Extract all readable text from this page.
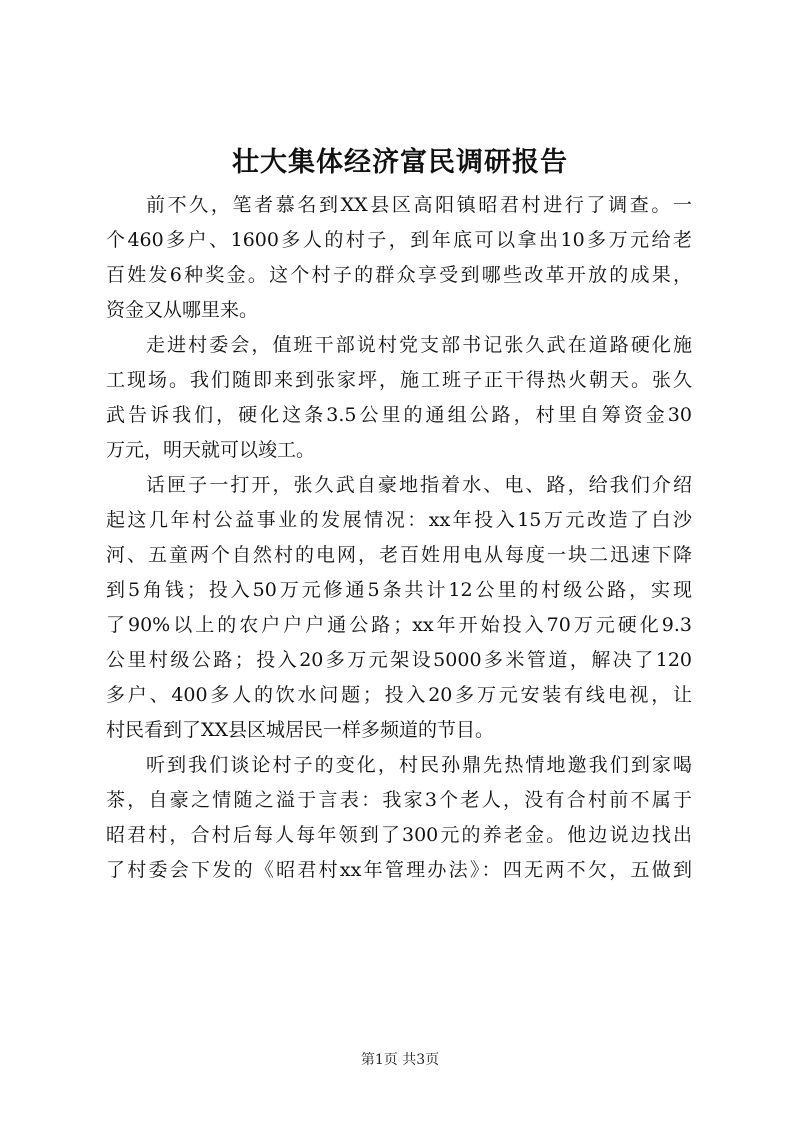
壮大集体经济富民调研报告
前不久，笔者慕名到XX县区高阳镇昭君村进行了调查。一
个460多户、1600多人的村子，到年底可以拿出10多万元给老
百姓发6种奖金。这个村子的群众享受到哪些改革开放的成果，
资金又从哪里来。
走进村委会，值班干部说村党支部书记张久武在道路硬化施
工现场。我们随即来到张家坪，施工班子正干得热火朝天。张久
武告诉我们，硬化这条3.5公里的通组公路，村里自筹资金30
万元，明天就可以竣工。
话匣子一打开，张久武自豪地指着水、电、路，给我们介绍
起这几年村公益事业的发展情况：xx年投入15万元改造了白沙
河、五童两个自然村的电网，老百姓用电从每度一块二迅速下降
到5角钱；投入50万元修通5条共计12公里的村级公路，实现
了90%以上的农户户户通公路；xx年开始投入70万元硬化9.3
公里村级公路；投入20多万元架设5000多米管道，解决了120
多户、400多人的饮水问题；投入20多万元安装有线电视，让
村民看到了XX县区城居民一样多频道的节目。
听到我们谈论村子的变化，村民孙鼎先热情地邀我们到家喝
茶，自豪之情随之溢于言表：我家3个老人，没有合村前不属于
昭君村，合村后每人每年领到了300元的养老金。他边说边找出
了村委会下发的《昭君村xx年管理办法》：四无两不欠，五做到
第1页 共3页
